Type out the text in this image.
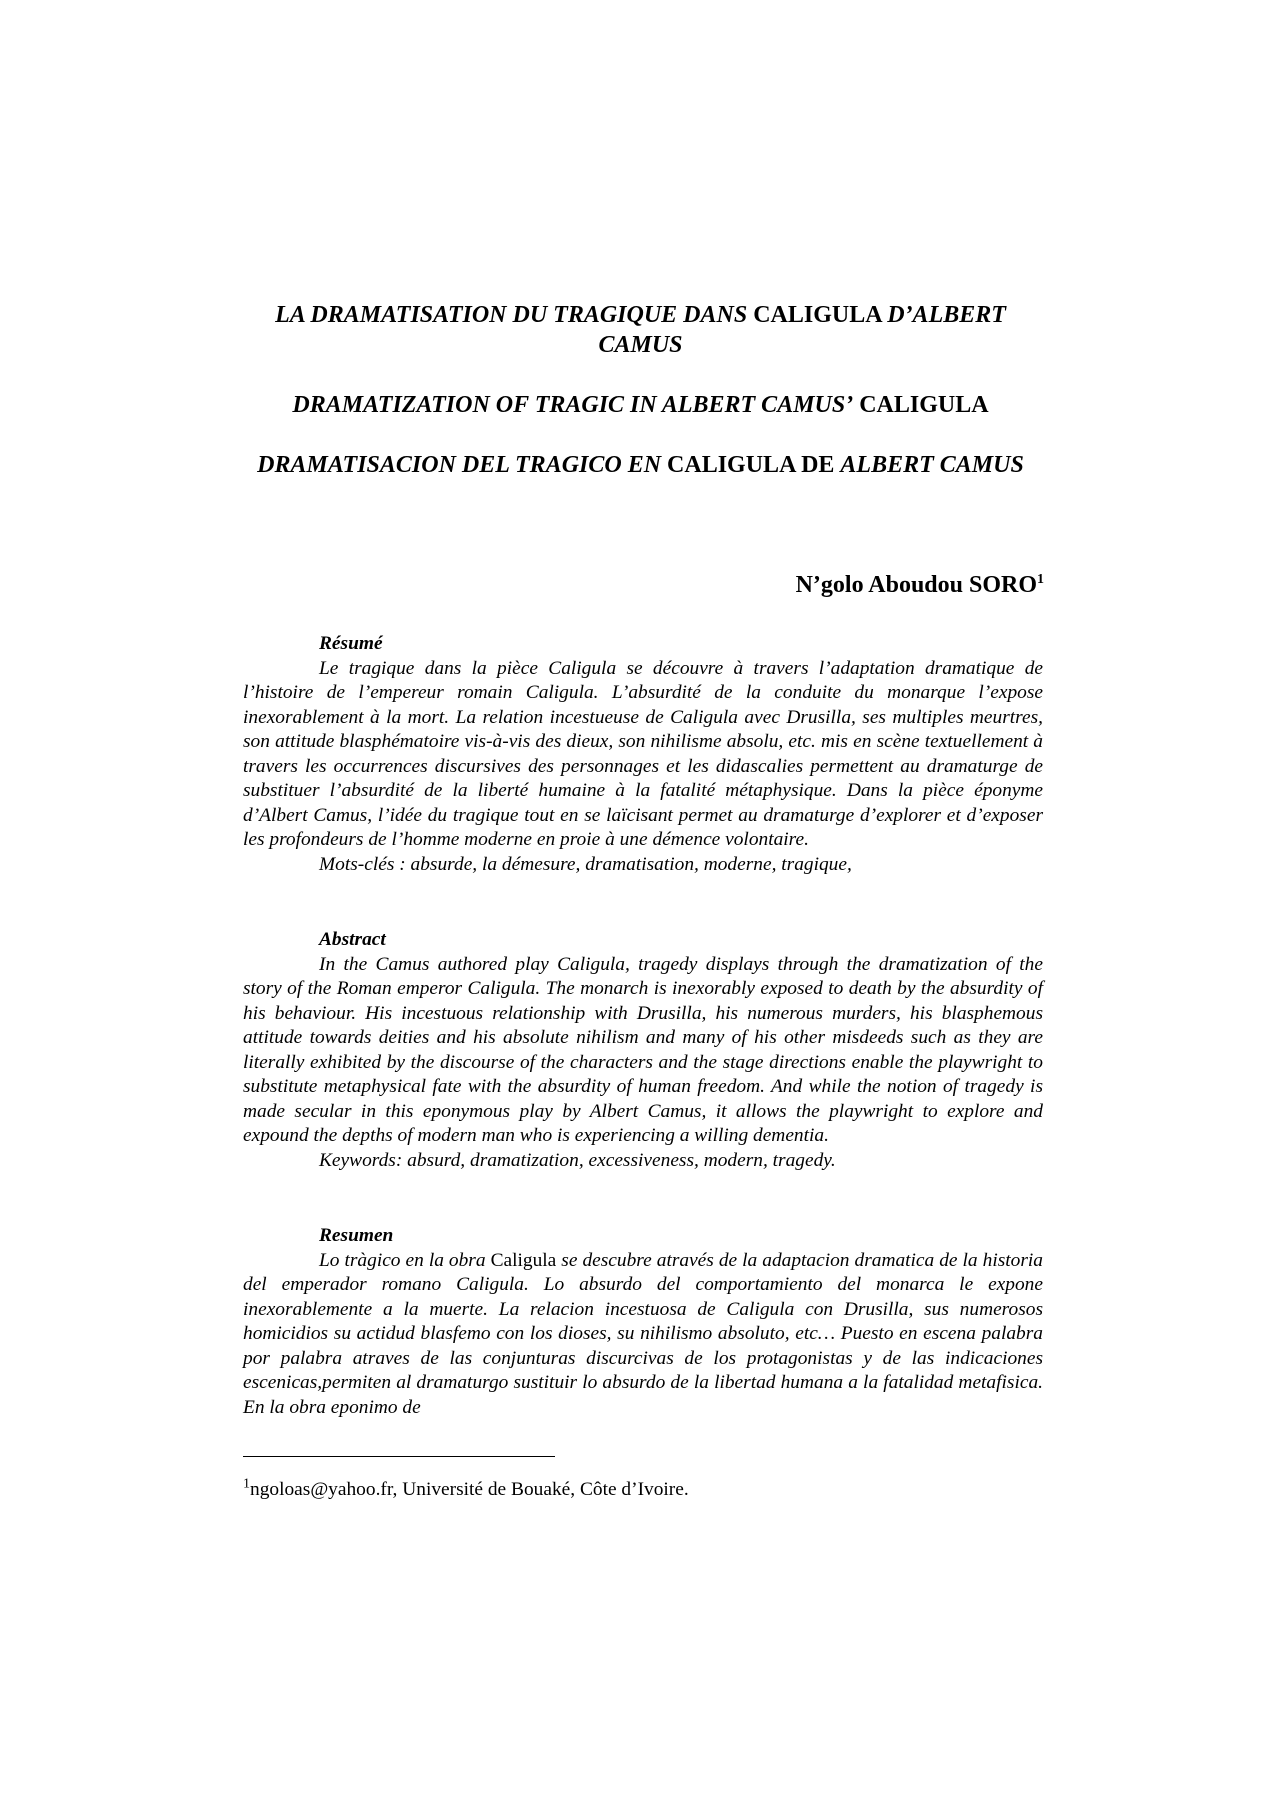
LA DRAMATISATION DU TRAGIQUE DANS CALIGULA D’ALBERT CAMUS
DRAMATIZATION OF TRAGIC IN ALBERT CAMUS’ CALIGULA
DRAMATISACION DEL TRAGICO EN CALIGULA DE ALBERT CAMUS
N’golo Aboudou SORO$^1$
Résumé

Le tragique dans la pièce Caligula se découvre à travers l’adaptation dramatique de l’histoire de l’empereur romain Caligula. L’absurdité de la conduite du monarque l’expose inexorablement à la mort. La relation incestueuse de Caligula avec Drusilla, ses multiples meurtres, son attitude blasphématoire vis-à-vis des dieux, son nihilisme absolu, etc. mis en scène textuellement à travers les occurrences discursives des personnages et les didascalies permettent au dramaturge de substituer l’absurdité de la liberté humaine à la fatalité métaphysique. Dans la pièce éponyme d’Albert Camus, l’idée du tragique tout en se laïcisant permet au dramaturge d’explorer et d’exposer les profondeurs de l’homme moderne en proie à une démence volontaire.

Mots-clés : absurde, la démesure, dramatisation, moderne, tragique,

Abstract

In the Camus authored play Caligula, tragedy displays through the dramatization of the story of the Roman emperor Caligula. The monarch is inexorably exposed to death by the absurdity of his behaviour. His incestuous relationship with Drusilla, his numerous murders, his blasphemous attitude towards deities and his absolute nihilism and many of his other misdeeds such as they are literally exhibited by the discourse of the characters and the stage directions enable the playwright to substitute metaphysical fate with the absurdity of human freedom. And while the notion of tragedy is made secular in this eponymous play by Albert Camus, it allows the playwright to explore and expound the depths of modern man who is experiencing a willing dementia.

Keywords: absurd, dramatization, excessiveness, modern, tragedy.

Resumen

Lo tràgico en la obra Caligula se descubre através de la adaptacion dramatica de la historia del emperador romano Caligula. Lo absurdo del comportamiento del monarca le expone inexorablemente a la muerte. La relacion incestuosa de Caligula con Drusilla, sus numerosos homicidios su actidud blasfemo con los dioses, su nihilismo absoluto, etc… Puesto en escena palabra por palabra atraves de las conjunturas discurcivas de los protagonistas y de las indicaciones escenicas,permiten al dramaturgo sustituir lo absurdo de la libertad humana a la fatalidad metafisica. En la obra eponimo de

$^1$ngoloas@yahoo.fr, Université de Bouaké, Côte d’Ivoire.
